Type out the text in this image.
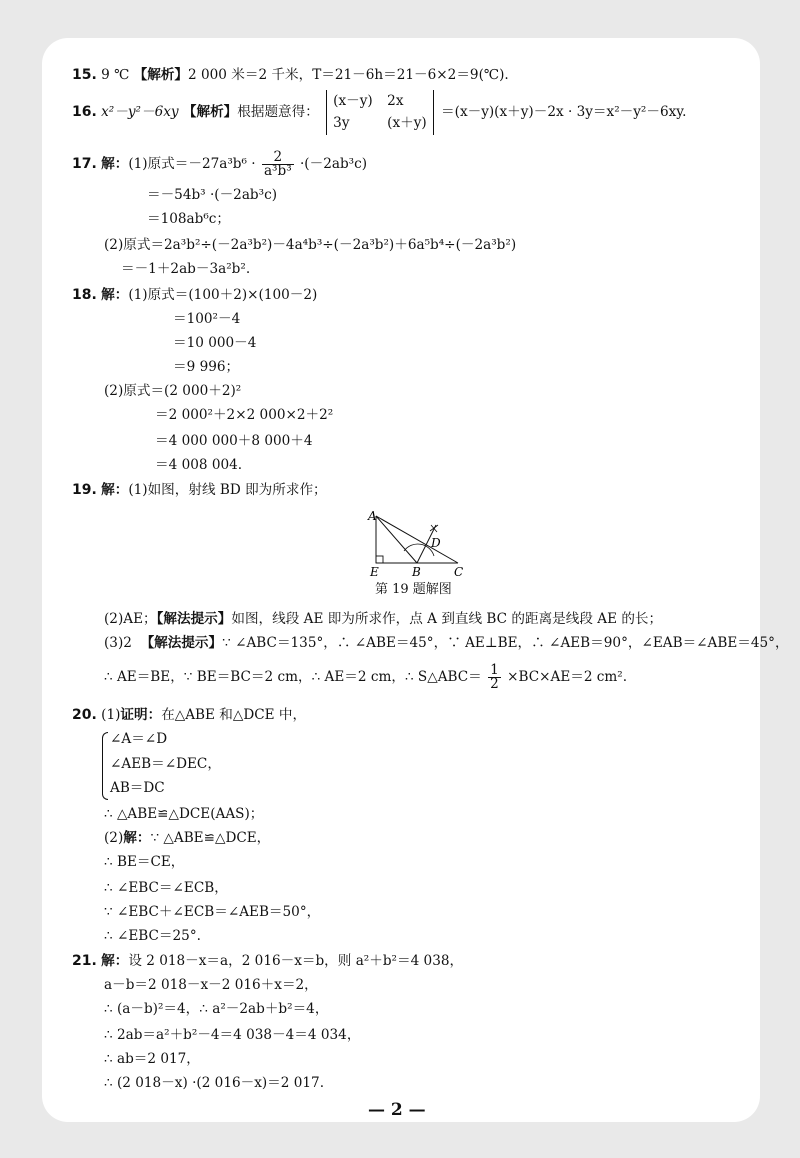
15. 9 ℃ 【解析】2 000 米＝2 千米，T＝21－6h＝21－6×2＝9(℃).
16. x²－y²－6xy 【解析】根据题意得： (x－y) 2x
3y	(x＋y) ＝(x－y)(x＋y)－2x · 3y＝x²－y²－6xy.
17. 解：(1)原式$=-27a^3b^6 \cdot \frac{2}{\text{a³b³}} \cdot(-2ab^3c)$
＝－54b³ ·(－2ab³c)
＝108ab⁶c；
(2)原式＝2a³b²÷(－2a³b²)－4a⁴b³÷(－2a³b²)＋6a⁵b⁴÷(－2a³b²)
＝－1＋2ab－3a²b².
18. 解：(1)原式＝(100＋2)×(100－2)
＝100²－4
＝10 000－4
＝9 996；
(2)原式＝(2 000＋2)²
＝2 000²＋2×2 000×2＋2²
＝4 000 000＋8 000＋4
＝4 008 004.
19. 解：(1)如图，射线 BD 即为所求作；
A
E	B	C
D
第 19 题解图
(2)AE；【解法提示】如图，线段 AE 即为所求作，点 A 到直线 BC 的距离是线段 AE 的长；
(3)2 【解法提示】∵ ∠ABC＝135°，∴ ∠ABE＝45°，∵ AE⊥BE，∴ ∠AEB＝90°，∠EAB＝∠ABE＝45°，
∴ AE＝BE，∵ BE＝BC＝2 cm，∴ AE＝2 cm，∴ S△ABC＝ $\frac{1}{2} \times BC\times AE=2$ cm².
20. (1)证明：在△ABE 和△DCE 中，
∠A＝∠D
∠AEB＝∠DEC，
AB＝DC
∴ △ABE≌△DCE(AAS)；
(2)解：∵ △ABE≌△DCE，
∴ BE＝CE，
∴ ∠EBC＝∠ECB，
∵ ∠EBC＋∠ECB＝∠AEB＝50°，
∴ ∠EBC＝25°.
21. 解：设 2 018－x＝a，2 016－x＝b，则 a²＋b²＝4 038，
a－b＝2 018－x－2 016＋x＝2，
∴ (a－b)²＝4，∴ a²－2ab＋b²＝4，
∴ 2ab＝a²＋b²－4＝4 038－4＝4 034，
∴ ab＝2 017，
∴ (2 018－x) ·(2 016－x)＝2 017.
— 2 —
